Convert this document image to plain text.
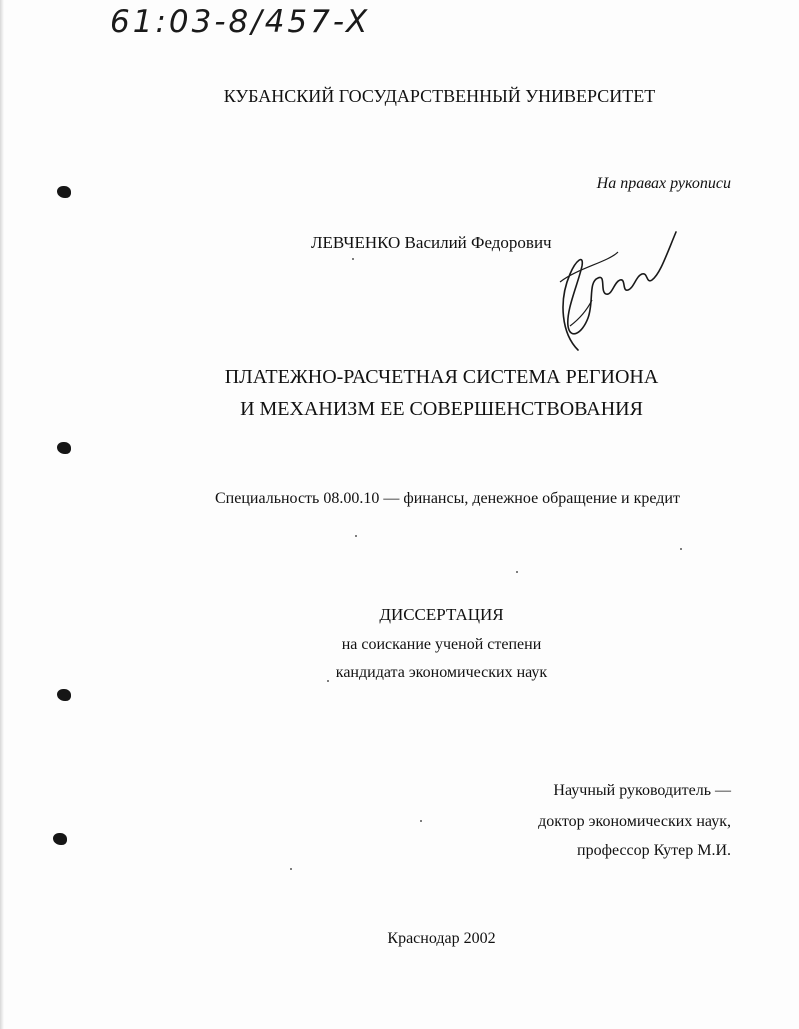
61:03-8/457-X
КУБАНСКИЙ ГОСУДАРСТВЕННЫЙ УНИВЕРСИТЕТ
На правах рукописи
ЛЕВЧЕНКО Василий Федорович
ПЛАТЕЖНО-РАСЧЕТНАЯ СИСТЕМА РЕГИОНА
И МЕХАНИЗМ ЕЕ СОВЕРШЕНСТВОВАНИЯ
Специальность 08.00.10 — финансы, денежное обращение и кредит
ДИССЕРТАЦИЯ
на соискание ученой степени
кандидата экономических наук
Научный руководитель —
доктор экономических наук,
профессор Кутер М.И.
Краснодар 2002
